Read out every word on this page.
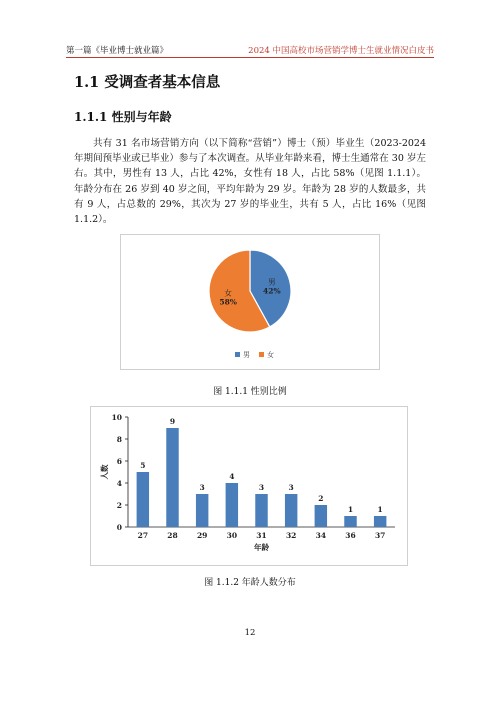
第一篇《毕业博士就业篇》	2024 中国高校市场营销学博士生就业情况白皮书
1.1 受调查者基本信息
1.1.1 性别与年龄
共有 31 名市场营销方向（以下简称“营销”）博士（预）毕业生（2023-2024 年期间预毕业或已毕业）参与了本次调查。从毕业年龄来看，博士生通常在 30 岁左右。其中，男性有 13 人，占比 42%，女性有 18 人，占比 58%（见图 1.1.1）。年龄分布在 26 岁到 40 岁之间，平均年龄为 29 岁。年龄为 28 岁的人数最多，共有 9 人，占总数的 29%，其次为 27 岁的毕业生，共有 5 人，占比 16%（见图 1.1.2）。
男
42%
女
58%
男 女
图 1.1.1 性别比例
0
2
4
6
8
10
5
27
9
28
3
29
4
30
3
31
3
32
2
34
1
36
1
37
年龄
人数
图 1.1.2 年龄人数分布
12
